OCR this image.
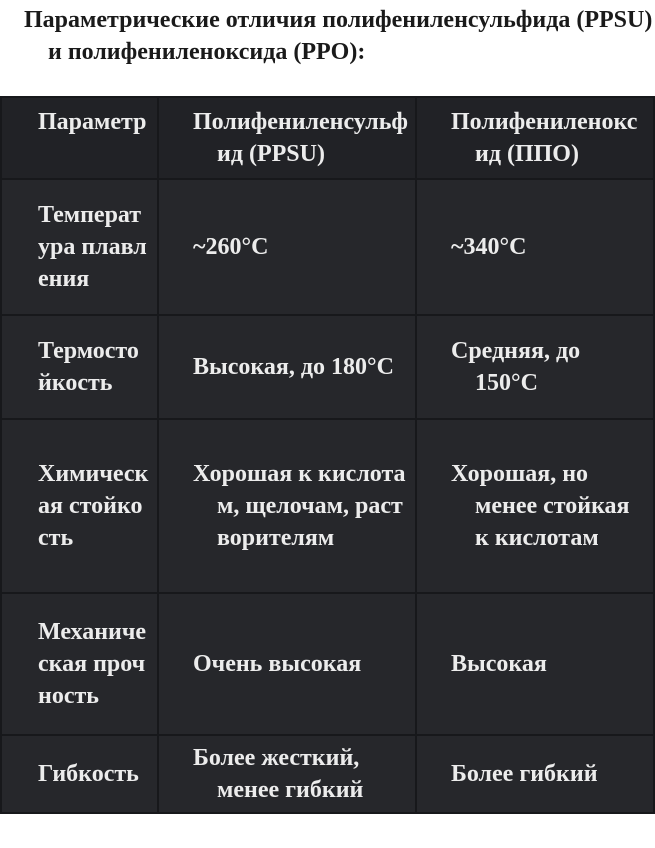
Параметрические отличия полифениленсульфида (PPSU) и полифениленоксида (PPO):
Параметр	Полифениленсульфид (PPSU)	Полифениленоксид (ППО)

Температура плавления	~260°C	~340°C

Термостойкость	Высокая, до 180°C	Средняя, до 150°C

Химическая стойкость	Хорошая к кислотам, щелочам, растворителям	Хорошая, но менее стойкая к кислотам

Механическая прочность	Очень высокая	Высокая

Гибкость	Более жесткий, менее гибкий	Более гибкий
